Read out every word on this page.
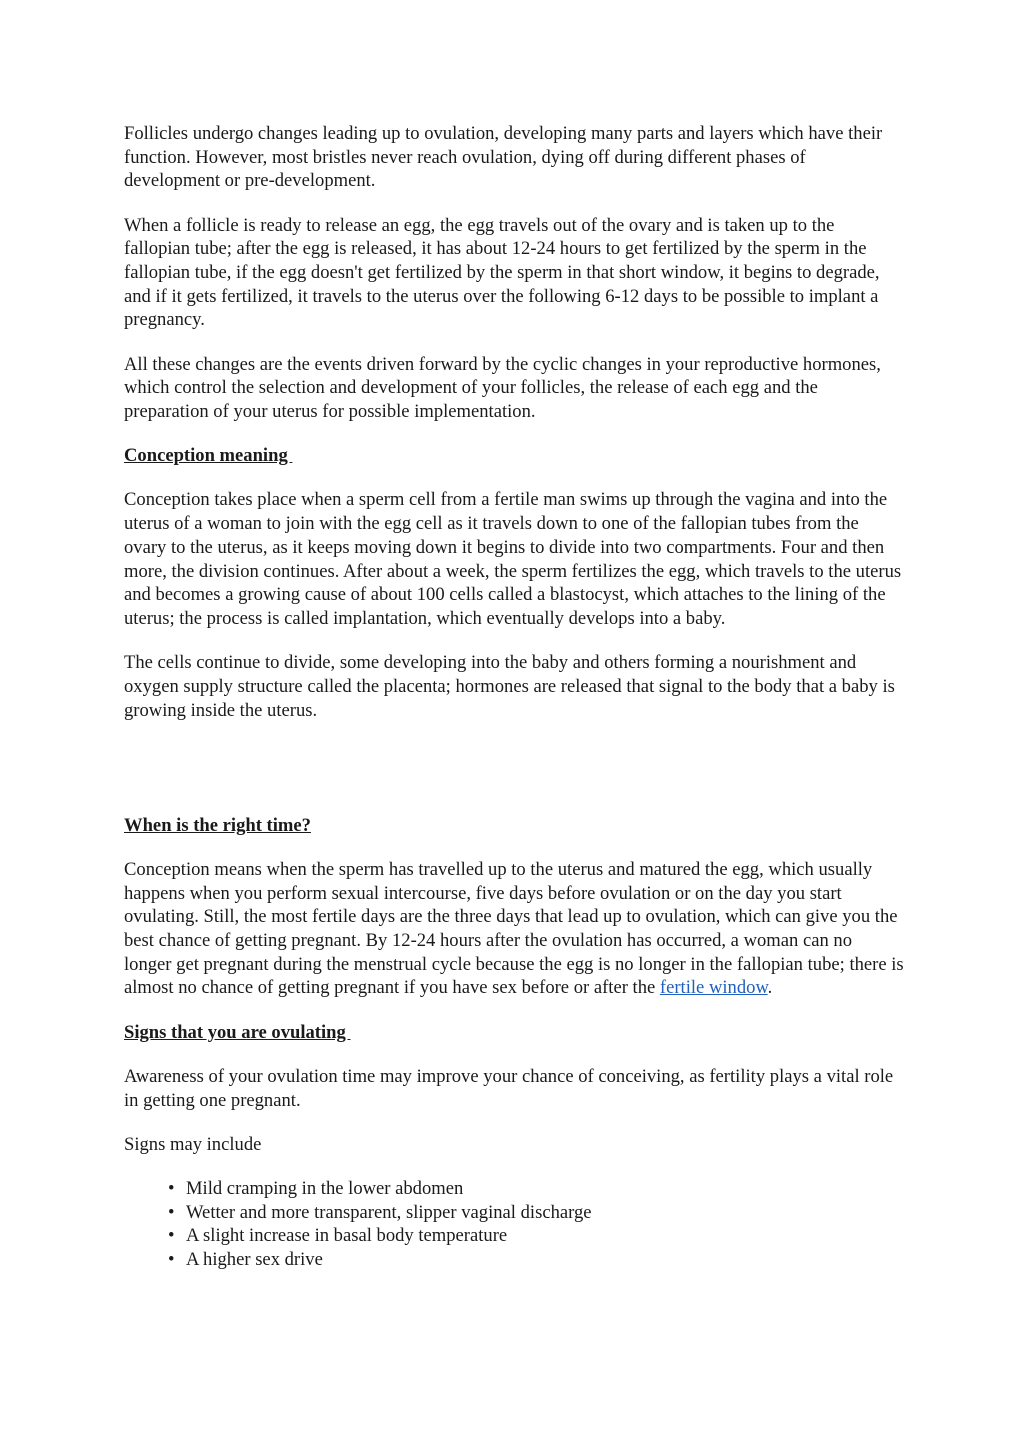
Follicles undergo changes leading up to ovulation, developing many parts and layers which have their function. However, most bristles never reach ovulation, dying off during different phases of development or pre-development.

When a follicle is ready to release an egg, the egg travels out of the ovary and is taken up to the fallopian tube; after the egg is released, it has about 12-24 hours to get fertilized by the sperm in the fallopian tube, if the egg doesn't get fertilized by the sperm in that short window, it begins to degrade, and if it gets fertilized, it travels to the uterus over the following 6-12 days to be possible to implant a pregnancy.

All these changes are the events driven forward by the cyclic changes in your reproductive hormones, which control the selection and development of your follicles, the release of each egg and the preparation of your uterus for possible implementation.

Conception meaning

Conception takes place when a sperm cell from a fertile man swims up through the vagina and into the uterus of a woman to join with the egg cell as it travels down to one of the fallopian tubes from the ovary to the uterus, as it keeps moving down it begins to divide into two compartments. Four and then more, the division continues. After about a week, the sperm fertilizes the egg, which travels to the uterus and becomes a growing cause of about 100 cells called a blastocyst, which attaches to the lining of the uterus; the process is called implantation, which eventually develops into a baby.

The cells continue to divide, some developing into the baby and others forming a nourishment and oxygen supply structure called the placenta; hormones are released that signal to the body that a baby is growing inside the uterus.

When is the right time?

Conception means when the sperm has travelled up to the uterus and matured the egg, which usually happens when you perform sexual intercourse, five days before ovulation or on the day you start ovulating. Still, the most fertile days are the three days that lead up to ovulation, which can give you the best chance of getting pregnant. By 12-24 hours after the ovulation has occurred, a woman can no longer get pregnant during the menstrual cycle because the egg is no longer in the fallopian tube; there is almost no chance of getting pregnant if you have sex before or after the fertile window.

Signs that you are ovulating

Awareness of your ovulation time may improve your chance of conceiving, as fertility plays a vital role in getting one pregnant.

Signs may include

• Mild cramping in the lower abdomen
• Wetter and more transparent, slipper vaginal discharge
• A slight increase in basal body temperature
• A higher sex drive
